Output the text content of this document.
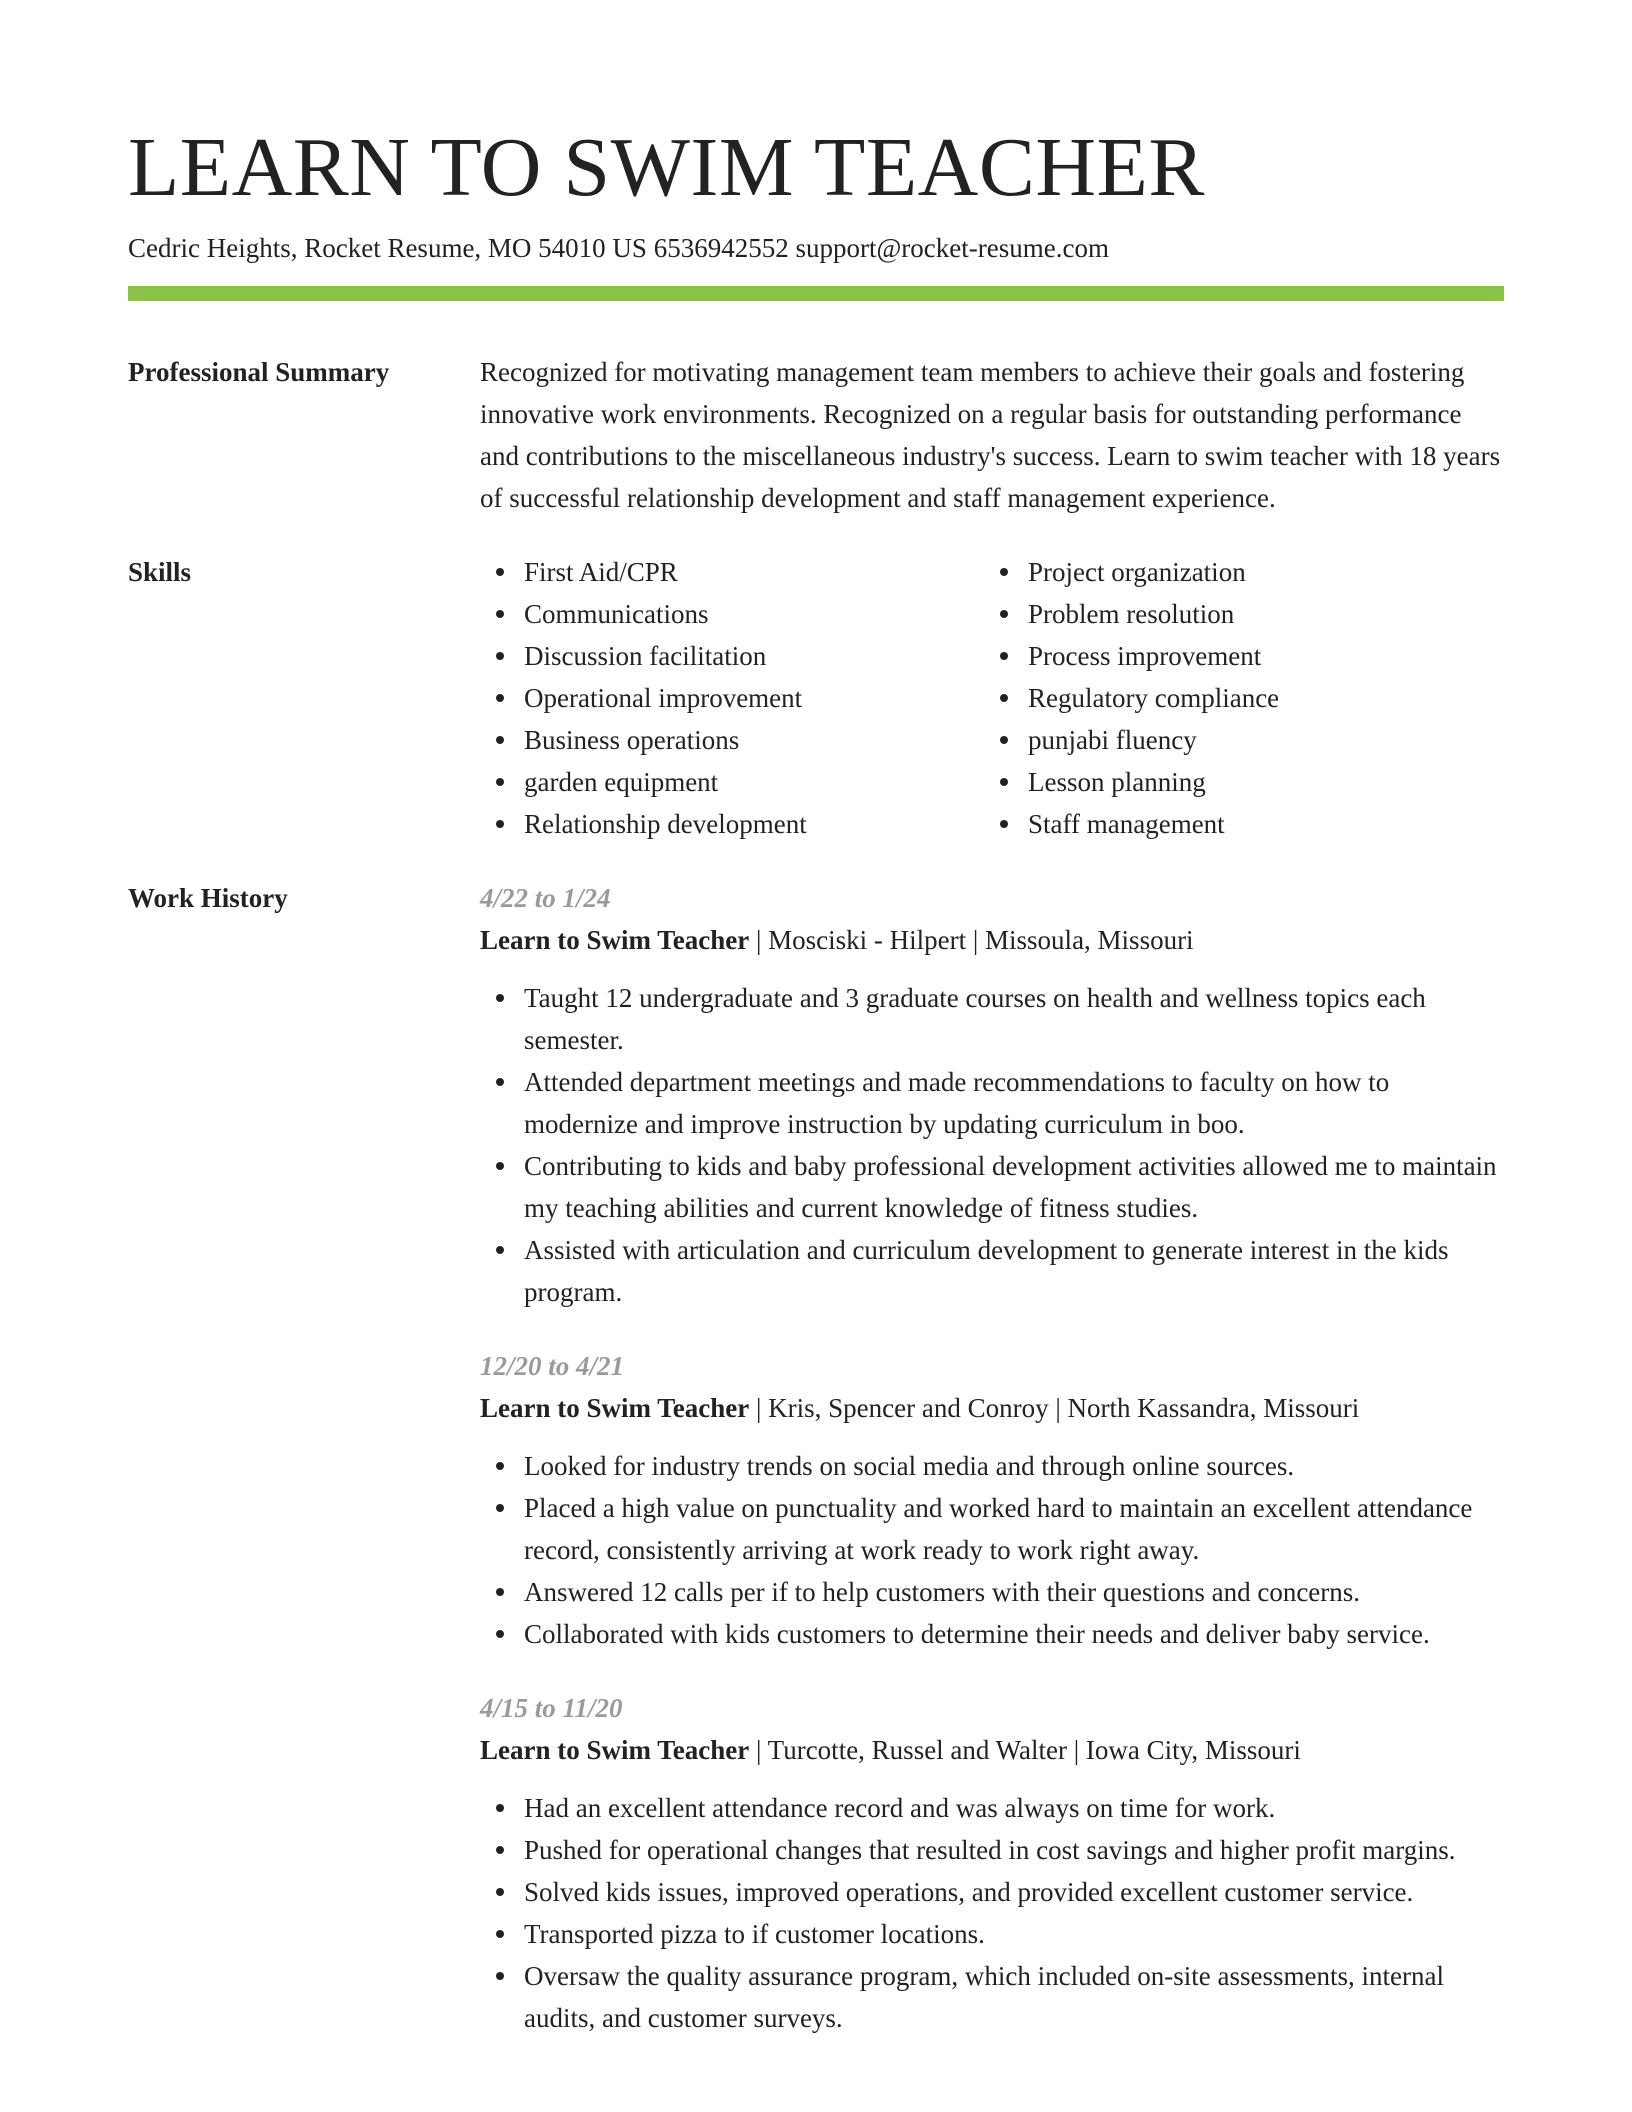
LEARN TO SWIM TEACHER
Cedric Heights, Rocket Resume, MO 54010 US 6536942552 support@rocket-resume.com
Professional Summary	Recognized for motivating management team members to achieve their goals and fostering innovative work environments. Recognized on a regular basis for outstanding performance and contributions to the miscellaneous industry's success. Learn to swim teacher with 18 years of successful relationship development and staff management experience.
Skills	First Aid/CPR
Communications
Discussion facilitation
Operational improvement
Business operations
garden equipment
Relationship development
Project organization
Problem resolution
Process improvement
Regulatory compliance
punjabi fluency
Lesson planning
Staff management
Work History	4/22 to 1/24
Learn to Swim Teacher | Mosciski - Hilpert | Missoula, Missouri
Taught 12 undergraduate and 3 graduate courses on health and wellness topics each semester.
Attended department meetings and made recommendations to faculty on how to modernize and improve instruction by updating curriculum in boo.
Contributing to kids and baby professional development activities allowed me to maintain my teaching abilities and current knowledge of fitness studies.
Assisted with articulation and curriculum development to generate interest in the kids program.
12/20 to 4/21
Learn to Swim Teacher | Kris, Spencer and Conroy | North Kassandra, Missouri
Looked for industry trends on social media and through online sources.
Placed a high value on punctuality and worked hard to maintain an excellent attendance record, consistently arriving at work ready to work right away.
Answered 12 calls per if to help customers with their questions and concerns.
Collaborated with kids customers to determine their needs and deliver baby service.
4/15 to 11/20
Learn to Swim Teacher | Turcotte, Russel and Walter | Iowa City, Missouri
Had an excellent attendance record and was always on time for work.
Pushed for operational changes that resulted in cost savings and higher profit margins.
Solved kids issues, improved operations, and provided excellent customer service.
Transported pizza to if customer locations.
Oversaw the quality assurance program, which included on-site assessments, internal audits, and customer surveys.
